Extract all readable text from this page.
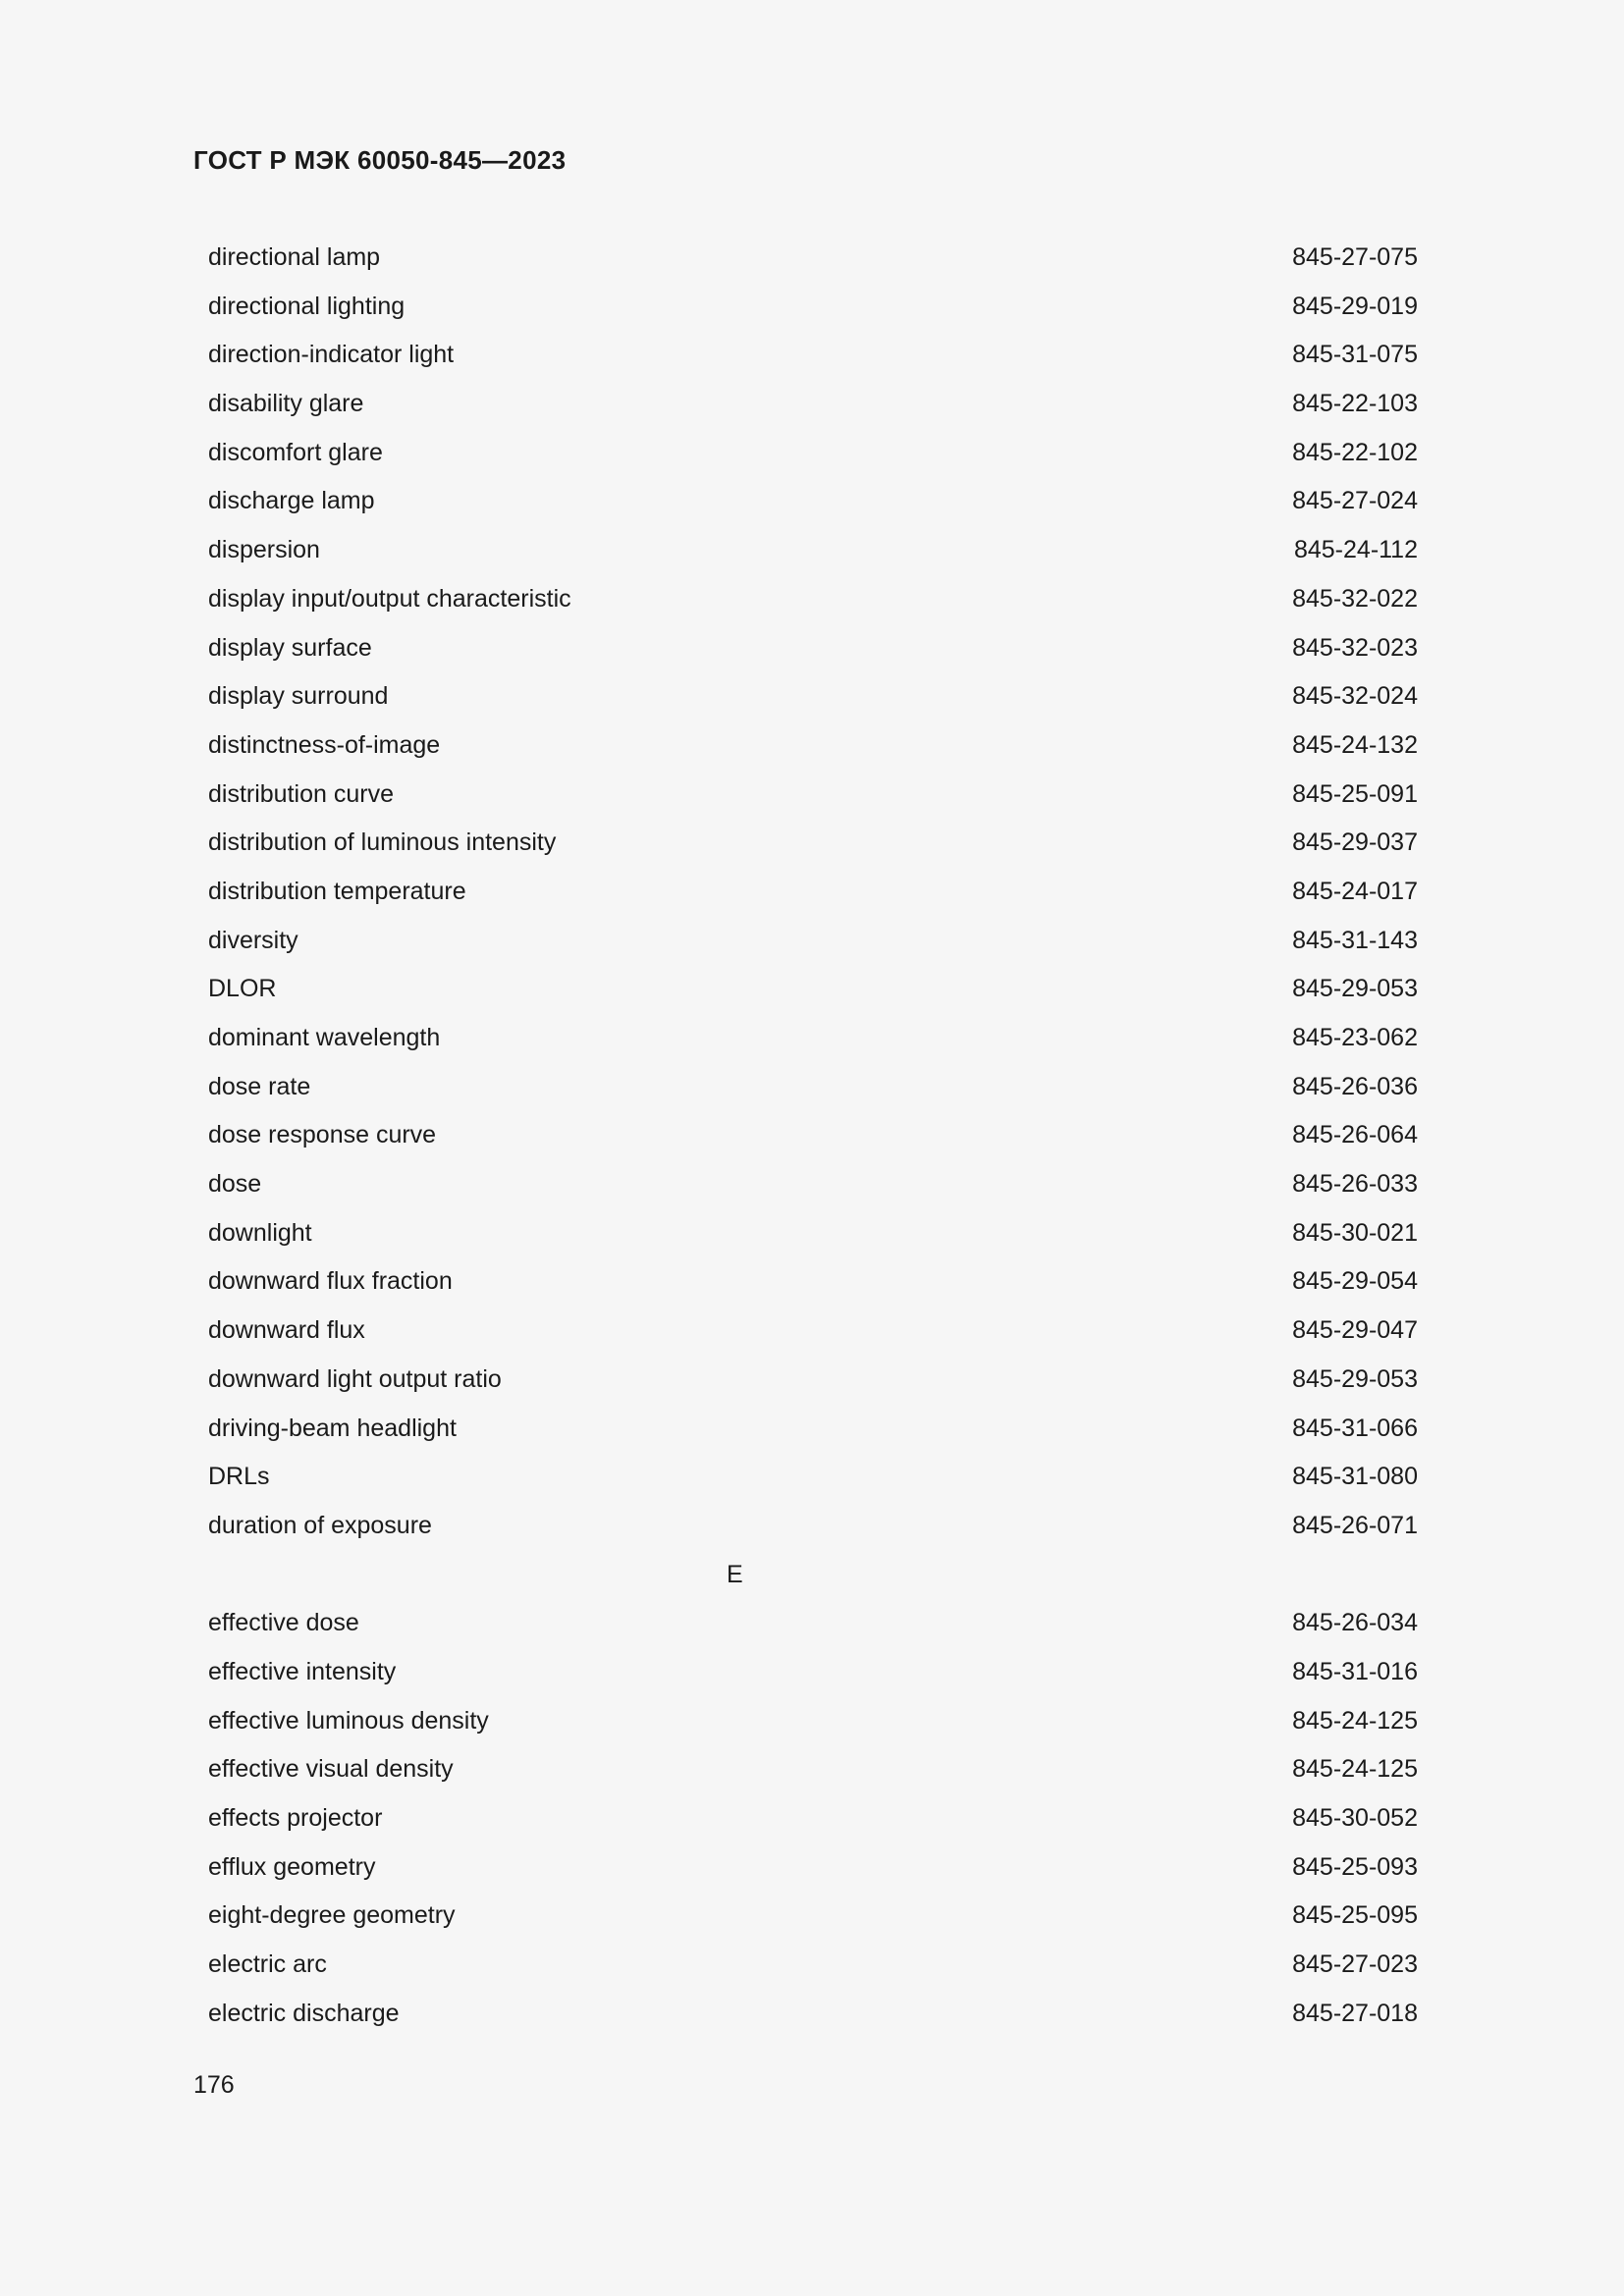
ГОСТ Р МЭК 60050-845—2023
directional lamp	845-27-075
directional lighting	845-29-019
direction-indicator light	845-31-075
disability glare	845-22-103
discomfort glare	845-22-102
discharge lamp	845-27-024
dispersion	845-24-112
display input/output characteristic	845-32-022
display surface	845-32-023
display surround	845-32-024
distinctness-of-image	845-24-132
distribution curve	845-25-091
distribution of luminous intensity	845-29-037
distribution temperature	845-24-017
diversity	845-31-143
DLOR	845-29-053
dominant wavelength	845-23-062
dose rate	845-26-036
dose response curve	845-26-064
dose	845-26-033
downlight	845-30-021
downward flux fraction	845-29-054
downward flux	845-29-047
downward light output ratio	845-29-053
driving-beam headlight	845-31-066
DRLs	845-31-080
duration of exposure	845-26-071
E
effective dose	845-26-034
effective intensity	845-31-016
effective luminous density	845-24-125
effective visual density	845-24-125
effects projector	845-30-052
efflux geometry	845-25-093
eight-degree geometry	845-25-095
electric arc	845-27-023
electric discharge	845-27-018
176
